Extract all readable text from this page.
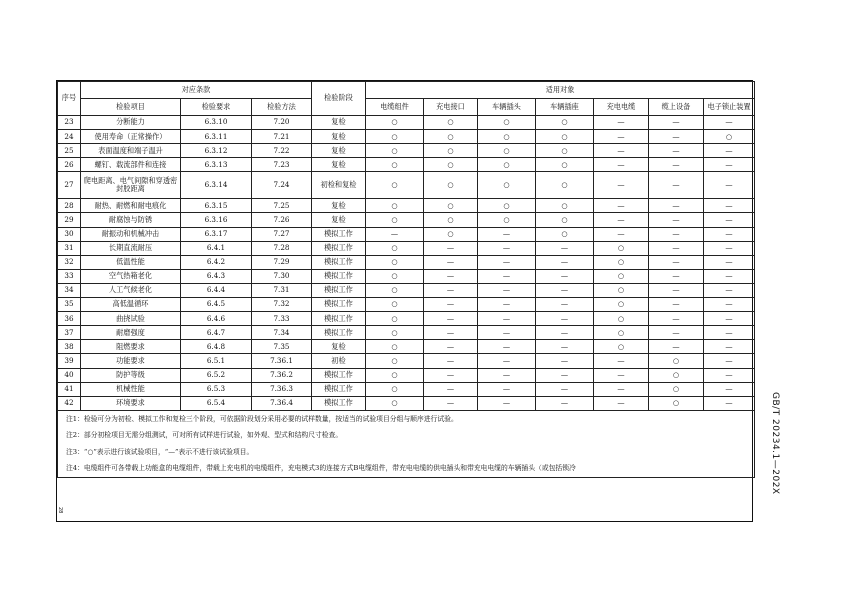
序号	对应条款			检验阶段	适用对象						
	检验项目	检验要求	检验方法		电缆组件	充电接口	车辆插头	车辆插座	充电电缆	缆上设备	电子锁止装置
23	分断能力	6.3.10	7.20	复检	○	○	○	○	—	—	—
24	使用寿命（正常操作）	6.3.11	7.21	复检	○	○	○	○	—	—	○
25	表面温度和端子温升	6.3.12	7.22	复检	○	○	○	○	—	—	—
26	螺钉、载流部件和连接	6.3.13	7.23	复检	○	○	○	○	—	—	—
27	爬电距离、电气间隙和穿透密封胶距离	6.3.14	7.24	初检和复检	○	○	○	○	—	—	—
28	耐热、耐燃和耐电痕化	6.3.15	7.25	复检	○	○	○	○	—	—	—
29	耐腐蚀与防锈	6.3.16	7.26	复检	○	○	○	○	—	—	—
30	耐振动和机械冲击	6.3.17	7.27	模拟工作	—	○	—	○	—	—	—
31	长期直流耐压	6.4.1	7.28	模拟工作	○	—	—	—	○	—	—
32	低温性能	6.4.2	7.29	模拟工作	○	—	—	—	○	—	—
33	空气热箱老化	6.4.3	7.30	模拟工作	○	—	—	—	○	—	—
34	人工气候老化	6.4.4	7.31	模拟工作	○	—	—	—	○	—	—
35	高低温循环	6.4.5	7.32	模拟工作	○	—	—	—	○	—	—
36	曲挠试验	6.4.6	7.33	模拟工作	○	—	—	—	○	—	—
37	耐磨强度	6.4.7	7.34	模拟工作	○	—	—	—	○	—	—
38	阻燃要求	6.4.8	7.35	复检	○	—	—	—	○	—	—
39	功能要求	6.5.1	7.36.1	初检	○	—	—	—	—	○	—
40	防护等级	6.5.2	7.36.2	模拟工作	○	—	—	—	—	○	—
41	机械性能	6.5.3	7.36.3	模拟工作	○	—	—	—	—	○	—
42	环境要求	6.5.4	7.36.4	模拟工作	○	—	—	—	—	○	—

注1：检验可分为初检、模拟工作和复检三个阶段，可依据阶段划分采用必要的试样数量，按适当的试验项目分组与顺序进行试验。
注2：部分初检项目无需分组测试，可对所有试样进行试验，如外观、型式和结构尺寸检查。
注3：“○”表示进行该试验项目，“—”表示不进行该试验项目。
注4：电缆组件可各带载上功能盒的电缆组件，带载上充电机的电缆组件，充电模式3的连接方式B电缆组件，带充电电缆的供电插头和带充电电缆的车辆插头（或包括锁冷											
28
GB/T 20234.1—202X
